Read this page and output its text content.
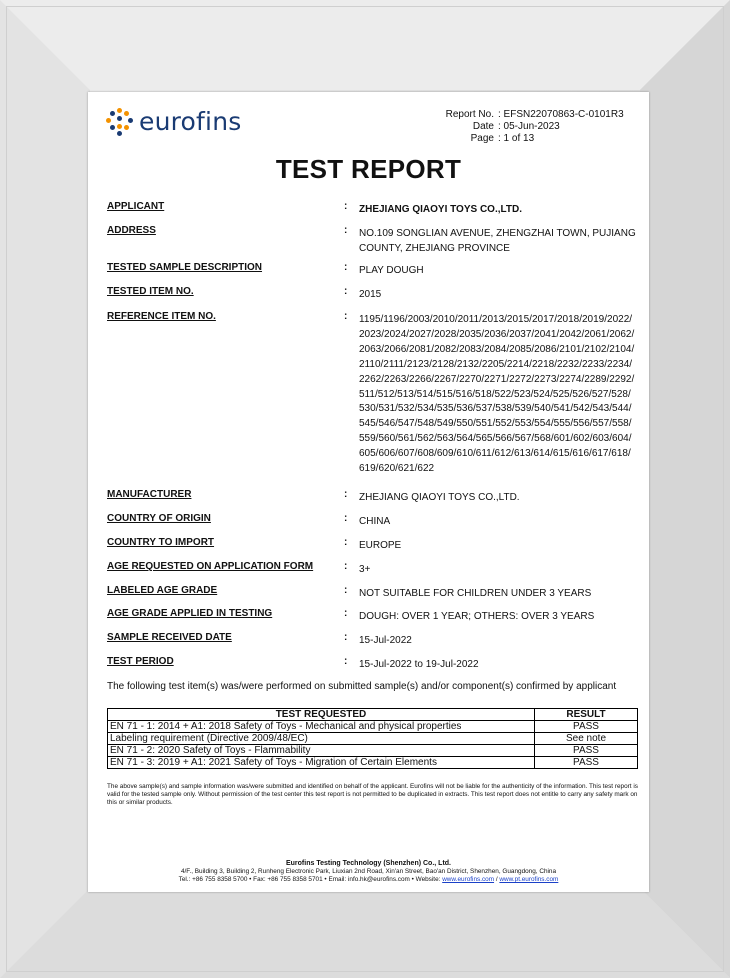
eurofins	Report No. : EFSN22070863-C-0101R3
Date : 05-Jun-2023
Page : 1 of 13
TEST REPORT
APPLICANT	: ZHEJIANG QIAOYI TOYS CO.,LTD.
ADDRESS	: NO.109 SONGLIAN AVENUE, ZHENGZHAI TOWN, PUJIANG COUNTY, ZHEJIANG PROVINCE
TESTED SAMPLE DESCRIPTION	: PLAY DOUGH
TESTED ITEM NO.	: 2015
REFERENCE ITEM NO.	: 1195/1196/2003/2010/2011/2013/2015/2017/2018/2019/2022/
2023/2024/2027/2028/2035/2036/2037/2041/2042/2061/2062/
2063/2066/2081/2082/2083/2084/2085/2086/2101/2102/2104/
2110/2111/2123/2128/2132/2205/2214/2218/2232/2233/2234/
2262/2263/2266/2267/2270/2271/2272/2273/2274/2289/2292/
511/512/513/514/515/516/518/522/523/524/525/526/527/528/
530/531/532/534/535/536/537/538/539/540/541/542/543/544/
545/546/547/548/549/550/551/552/553/554/555/556/557/558/
559/560/561/562/563/564/565/566/567/568/601/602/603/604/
605/606/607/608/609/610/611/612/613/614/615/616/617/618/
619/620/621/622
MANUFACTURER	: ZHEJIANG QIAOYI TOYS CO.,LTD.
COUNTRY OF ORIGIN	: CHINA
COUNTRY TO IMPORT	: EUROPE
AGE REQUESTED ON APPLICATION FORM	: 3+
LABELED AGE GRADE	: NOT SUITABLE FOR CHILDREN UNDER 3 YEARS
AGE GRADE APPLIED IN TESTING	: DOUGH: OVER 1 YEAR; OTHERS: OVER 3 YEARS
SAMPLE RECEIVED DATE	: 15-Jul-2022
TEST PERIOD	: 15-Jul-2022 to 19-Jul-2022
The following test item(s) was/were performed on submitted sample(s) and/or component(s) confirmed by applicant
TEST REQUESTED	RESULT
EN 71 - 1: 2014 + A1: 2018 Safety of Toys - Mechanical and physical properties	PASS
Labeling requirement (Directive 2009/48/EC)	See note
EN 71 - 2: 2020 Safety of Toys - Flammability	PASS
EN 71 - 3: 2019 + A1: 2021 Safety of Toys - Migration of Certain Elements	PASS
The above sample(s) and sample information was/were submitted and identified on behalf of the applicant. Eurofins will not be liable for the authenticity of the information. This test report is valid for the tested sample only. Without permission of the test center this test report is not permitted to be duplicated in extracts. This test report does not entitle to carry any safety mark on this or similar products.
Eurofins Testing Technology (Shenzhen) Co., Ltd.
4/F., Building 3, Building 2, Runheng Electronic Park, Liuxian 2nd Road, Xin'an Street, Bao'an District, Shenzhen, Guangdong, China
Tel.: +86 755 8358 5700 • Fax: +86 755 8358 5701 • Email: info.hk@eurofins.com • Website: www.eurofins.com / www.pt.eurofins.com
